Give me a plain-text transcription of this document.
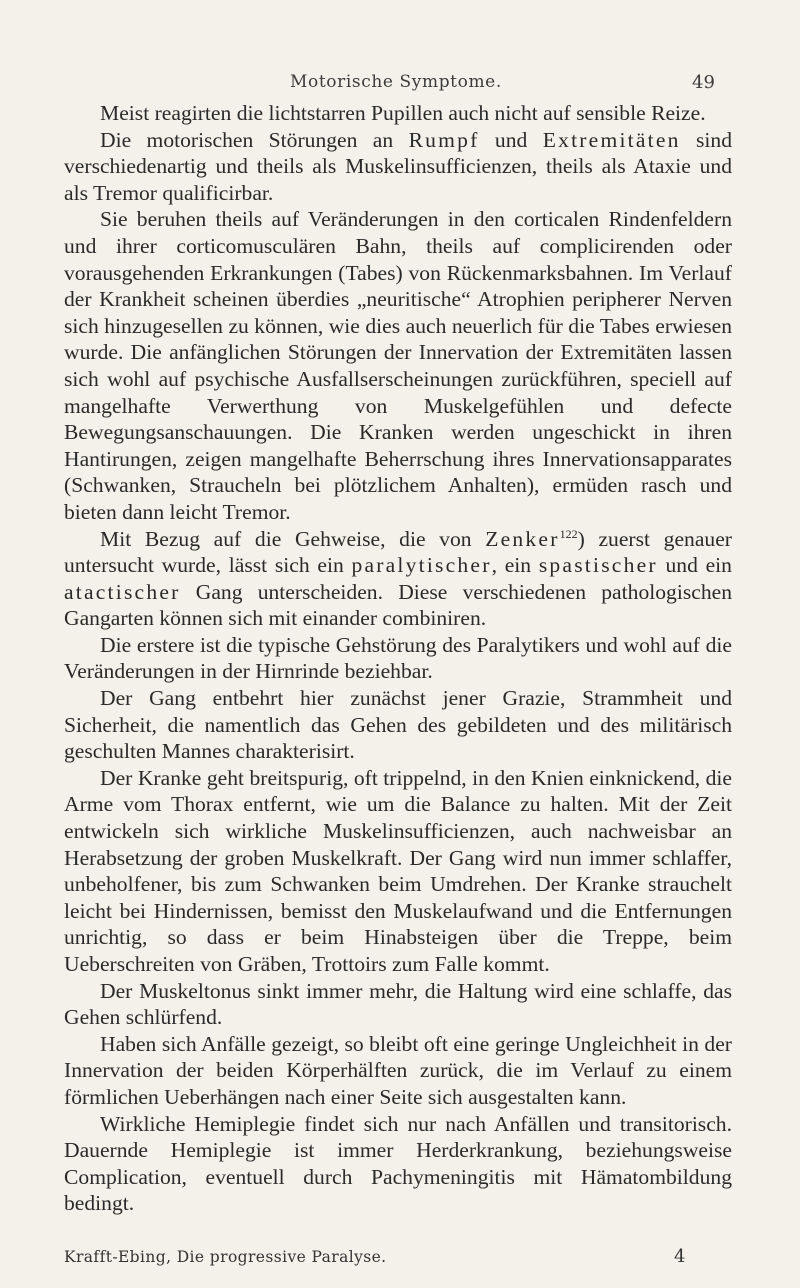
Motorische Symptome.	49

Meist reagirten die lichtstarren Pupillen auch nicht auf sensible Reize.

Die motorischen Störungen an Rumpf und Extremitäten sind verschiedenartig und theils als Muskelinsufficienzen, theils als Ataxie und als Tremor qualificirbar.

Sie beruhen theils auf Veränderungen in den corticalen Rindenfeldern und ihrer corticomusculären Bahn, theils auf complicirenden oder vorausgehenden Erkrankungen (Tabes) von Rückenmarksbahnen. Im Verlauf der Krankheit scheinen überdies „neuritische“ Atrophien peripherer Nerven sich hinzugesellen zu können, wie dies auch neuerlich für die Tabes erwiesen wurde. Die anfänglichen Störungen der Innervation der Extremitäten lassen sich wohl auf psychische Ausfallserscheinungen zurückführen, speciell auf mangelhafte Verwerthung von Muskelgefühlen und defecte Bewegungsanschauungen. Die Kranken werden ungeschickt in ihren Hantirungen, zeigen mangelhafte Beherrschung ihres Innervationsapparates (Schwanken, Straucheln bei plötzlichem Anhalten), ermüden rasch und bieten dann leicht Tremor.

Mit Bezug auf die Gehweise, die von Zenker$^{122}$) zuerst genauer untersucht wurde, lässt sich ein paralytischer, ein spastischer und ein atactischer Gang unterscheiden. Diese verschiedenen pathologischen Gangarten können sich mit einander combiniren.

Die erstere ist die typische Gehstörung des Paralytikers und wohl auf die Veränderungen in der Hirnrinde beziehbar.

Der Gang entbehrt hier zunächst jener Grazie, Strammheit und Sicherheit, die namentlich das Gehen des gebildeten und des militärisch geschulten Mannes charakterisirt.

Der Kranke geht breitspurig, oft trippelnd, in den Knien einknickend, die Arme vom Thorax entfernt, wie um die Balance zu halten. Mit der Zeit entwickeln sich wirkliche Muskelinsufficienzen, auch nachweisbar an Herabsetzung der groben Muskelkraft. Der Gang wird nun immer schlaffer, unbeholfener, bis zum Schwanken beim Umdrehen. Der Kranke strauchelt leicht bei Hindernissen, bemisst den Muskelaufwand und die Entfernungen unrichtig, so dass er beim Hinabsteigen über die Treppe, beim Ueberschreiten von Gräben, Trottoirs zum Falle kommt.

Der Muskeltonus sinkt immer mehr, die Haltung wird eine schlaffe, das Gehen schlürfend.

Haben sich Anfälle gezeigt, so bleibt oft eine geringe Ungleichheit in der Innervation der beiden Körperhälften zurück, die im Verlauf zu einem förmlichen Ueberhängen nach einer Seite sich ausgestalten kann.

Wirkliche Hemiplegie findet sich nur nach Anfällen und transitorisch. Dauernde Hemiplegie ist immer Herderkrankung, beziehungsweise Complication, eventuell durch Pachymeningitis mit Hämatombildung bedingt.

Krafft-Ebing, Die progressive Paralyse.	4
